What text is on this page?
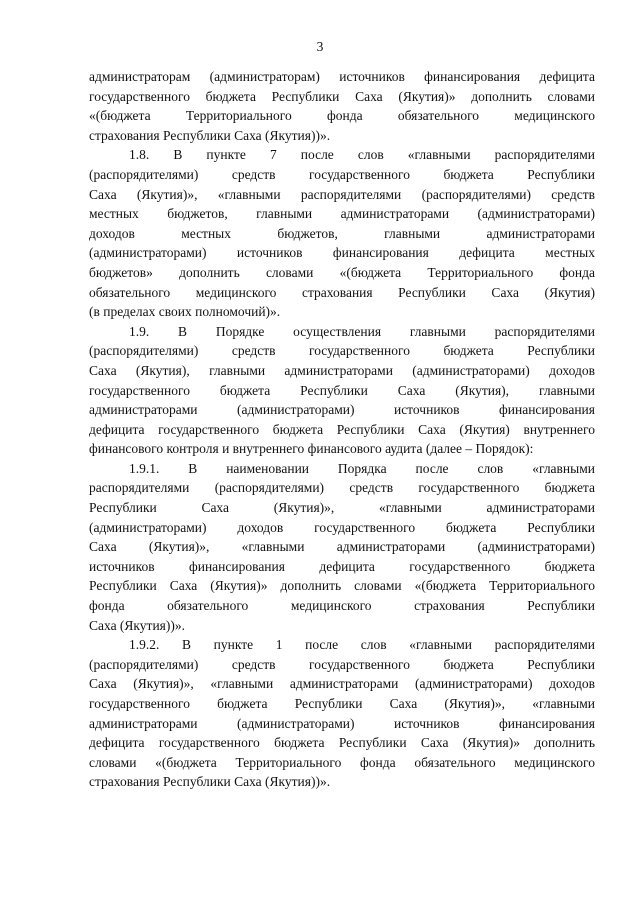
3
администраторам (администраторам) источников финансирования дефицита
государственного бюджета Республики Саха (Якутия)» дополнить словами
«(бюджета Территориального фонда обязательного медицинского
страхования Республики Саха (Якутия))».
1.8. В пункте 7 после слов «главными распорядителями
(распорядителями) средств государственного бюджета Республики
Саха (Якутия)», «главными распорядителями (распорядителями) средств
местных бюджетов, главными администраторами (администраторами)
доходов местных бюджетов, главными администраторами
(администраторами) источников финансирования дефицита местных
бюджетов» дополнить словами «(бюджета Территориального фонда
обязательного медицинского страхования Республики Саха (Якутия)
(в пределах своих полномочий)».
1.9. В Порядке осуществления главными распорядителями
(распорядителями) средств государственного бюджета Республики
Саха (Якутия), главными администраторами (администраторами) доходов
государственного бюджета Республики Саха (Якутия), главными
администраторами (администраторами) источников финансирования
дефицита государственного бюджета Республики Саха (Якутия) внутреннего
финансового контроля и внутреннего финансового аудита (далее – Порядок):
1.9.1. В наименовании Порядка после слов «главными
распорядителями (распорядителями) средств государственного бюджета
Республики Саха (Якутия)», «главными администраторами
(администраторами) доходов государственного бюджета Республики
Саха (Якутия)», «главными администраторами (администраторами)
источников финансирования дефицита государственного бюджета
Республики Саха (Якутия)» дополнить словами «(бюджета Территориального
фонда обязательного медицинского страхования Республики
Саха (Якутия))».
1.9.2. В пункте 1 после слов «главными распорядителями
(распорядителями) средств государственного бюджета Республики
Саха (Якутия)», «главными администраторами (администраторами) доходов
государственного бюджета Республики Саха (Якутия)», «главными
администраторами (администраторами) источников финансирования
дефицита государственного бюджета Республики Саха (Якутия)» дополнить
словами «(бюджета Территориального фонда обязательного медицинского
страхования Республики Саха (Якутия))».
